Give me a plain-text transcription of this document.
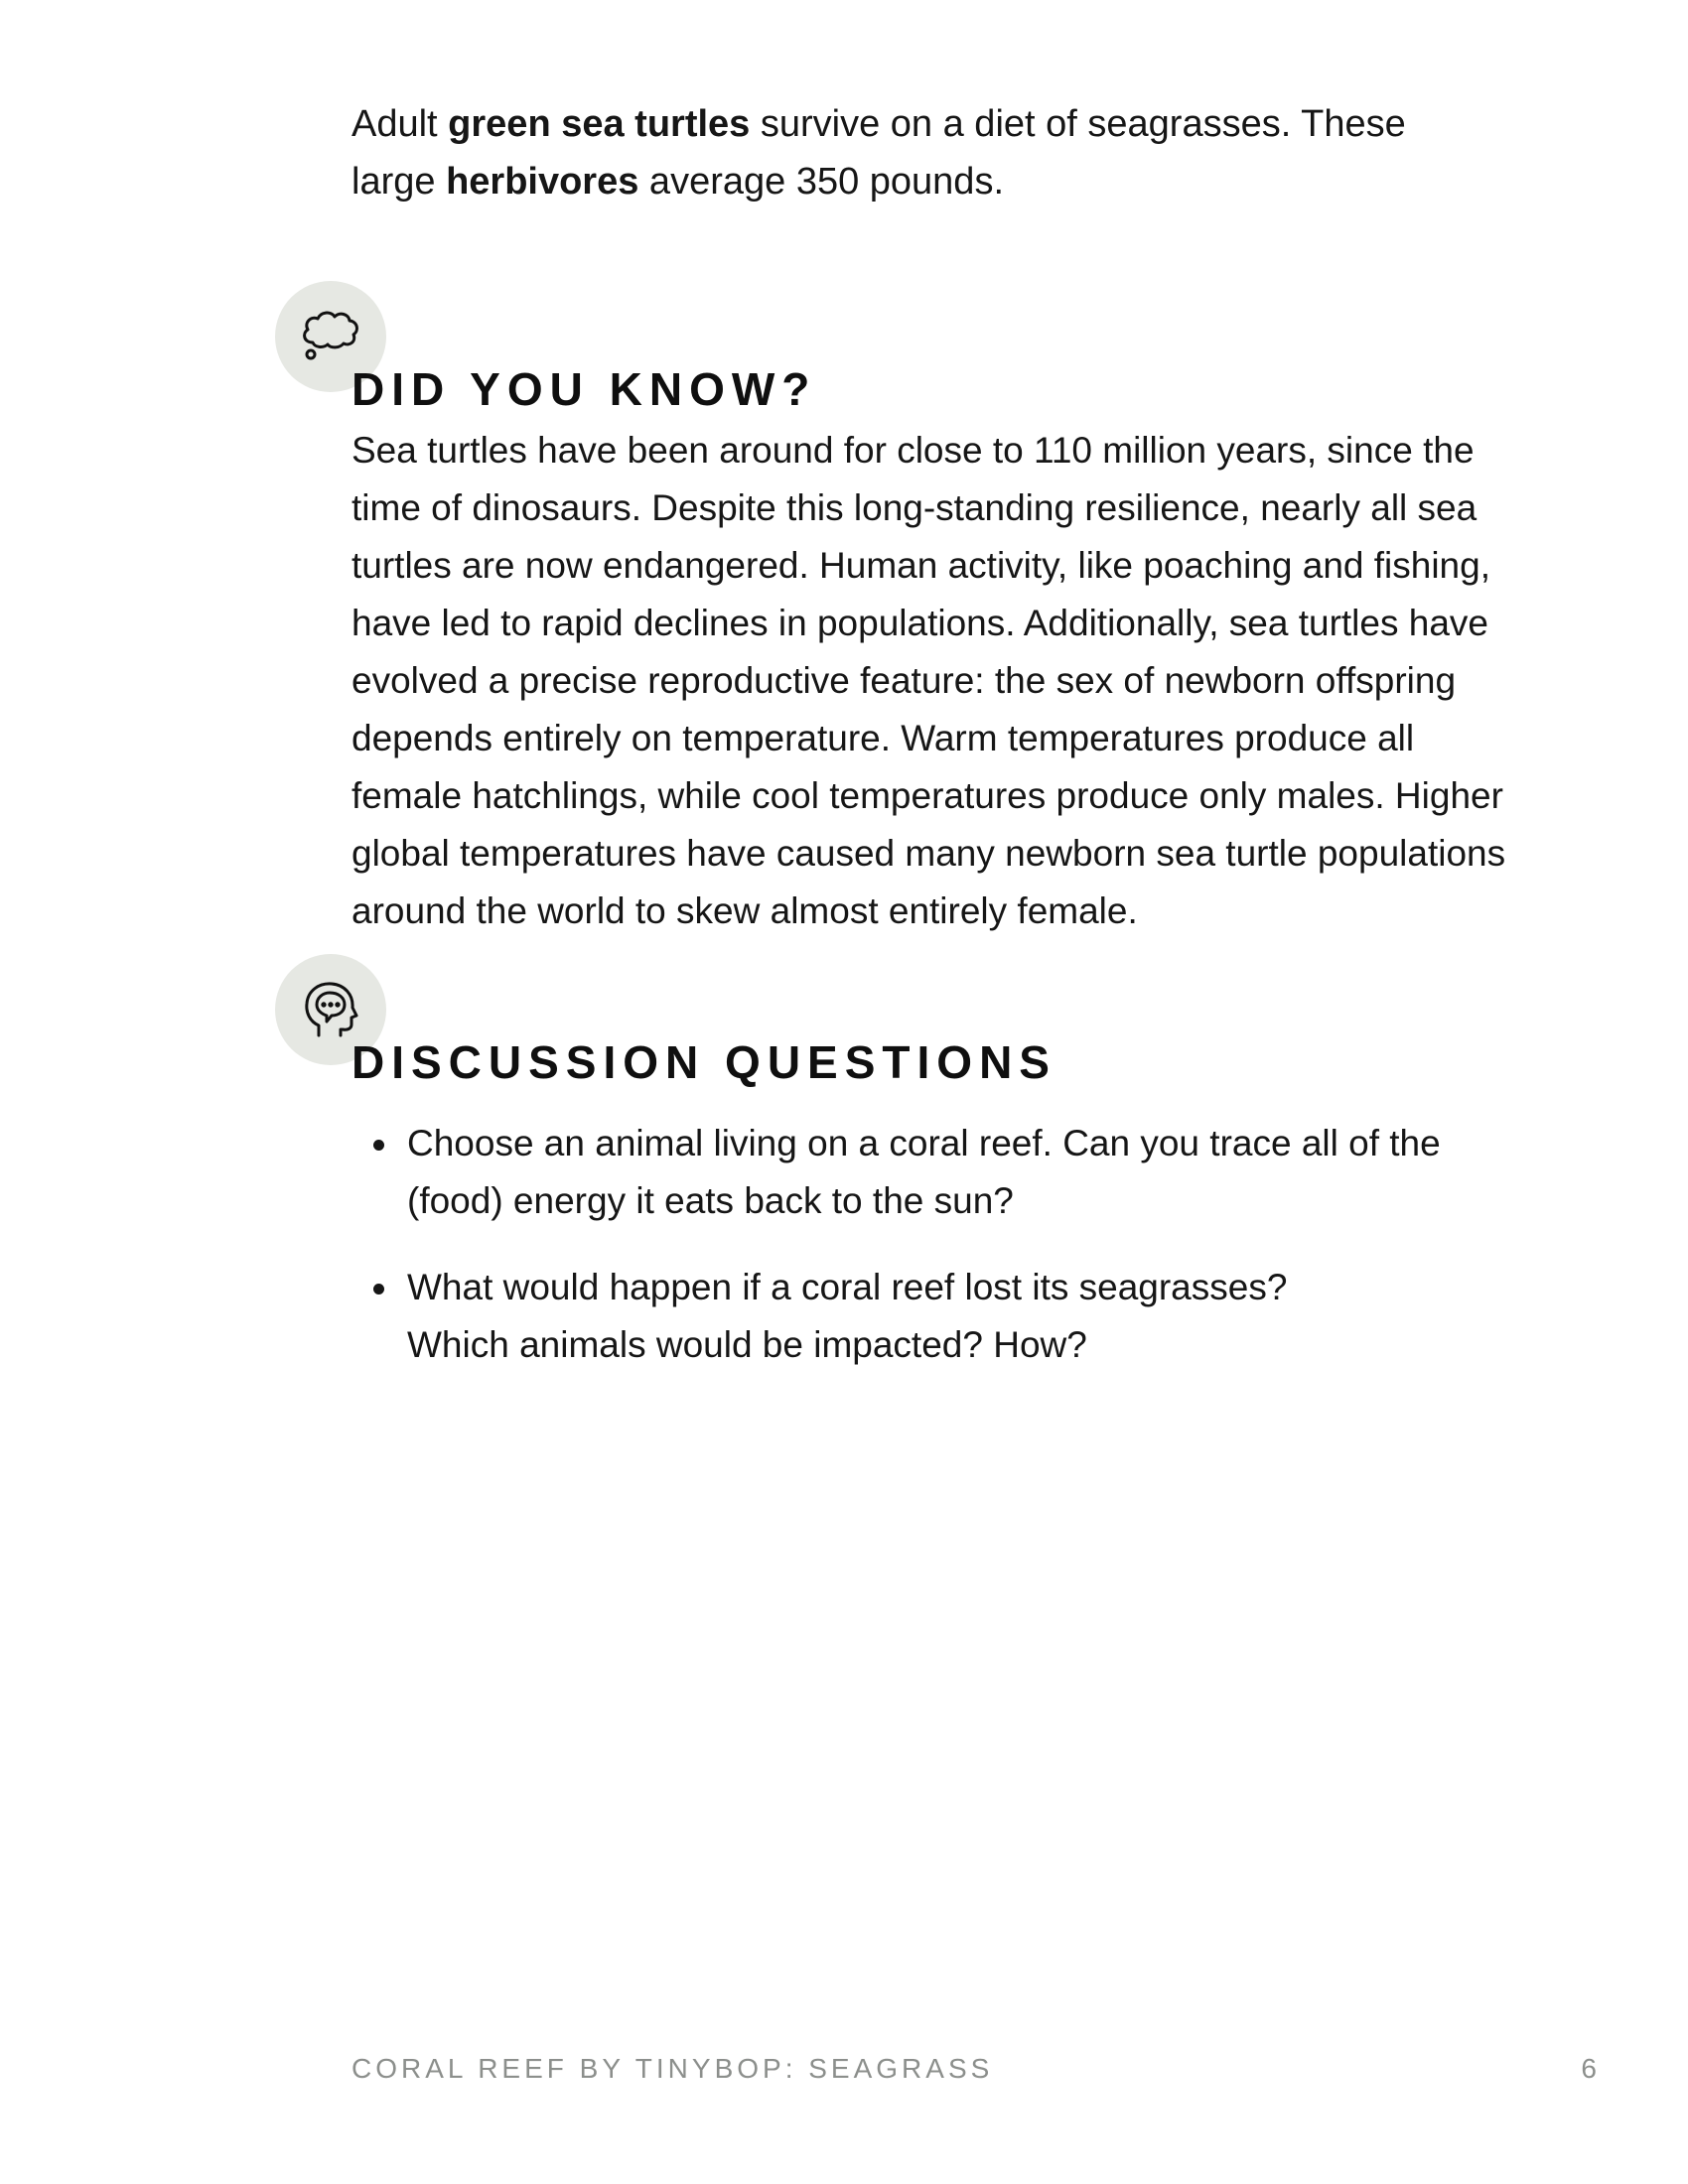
Adult green sea turtles survive on a diet of seagrasses. These
large herbivores average 350 pounds.

DID YOU KNOW?

Sea turtles have been around for close to 110 million years, since the
time of dinosaurs. Despite this long-standing resilience, nearly all sea
turtles are now endangered. Human activity, like poaching and fishing,
have led to rapid declines in populations. Additionally, sea turtles have
evolved a precise reproductive feature: the sex of newborn offspring
depends entirely on temperature. Warm temperatures produce all
female hatchlings, while cool temperatures produce only males. Higher
global temperatures have caused many newborn sea turtle populations
around the world to skew almost entirely female.

DISCUSSION QUESTIONS
Choose an animal living on a coral reef. Can you trace all of the
(food) energy it eats back to the sun?
What would happen if a coral reef lost its seagrasses?
Which animals would be impacted? How?
CORAL REEF BY TINYBOP: SEAGRASS	6
